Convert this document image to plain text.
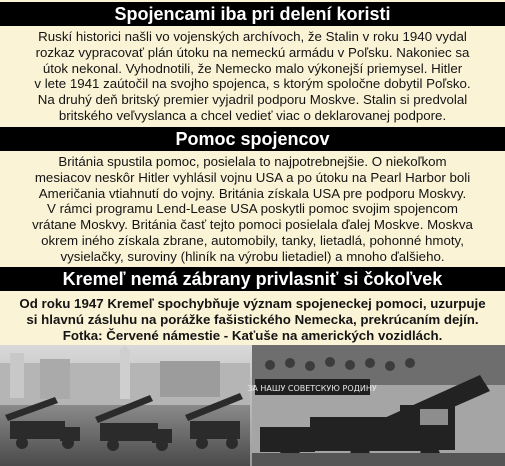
Spojencami iba pri delení koristi
Ruskí historici našli vo vojenských archívoch, že Stalin v roku 1940 vydal
rozkaz vypracovať plán útoku na nemeckú armádu v Poľsku. Nakoniec sa
útok nekonal. Vyhodnotili, že Nemecko malo výkonejší priemysel. Hitler
v lete 1941 zaútočil na svojho spojenca, s ktorým spoločne dobytil Poľsko.
Na druhý deň britský premier vyjadril podporu Moskve. Stalin si predvolal
britského veľvyslanca a chcel vedieť viac o deklarovanej podpore.
Pomoc spojencov
Británia spustila pomoc, posielala to najpotrebnejšie. O niekoľkom
mesiacov neskôr Hitler vyhlásil vojnu USA a po útoku na Pearl Harbor boli
Američania vtiahnutí do vojny. Británia získala USA pre podporu Moskvy.
V rámci programu Lend-Lease USA poskytli pomoc svojim spojencom
vrátane Moskvy. Británia časť tejto pomoci posielala ďalej Moskve. Moskva
okrem iného získala zbrane, automobily, tanky, lietadlá, pohonné hmoty,
vysielačky, suroviny (hliník na výrobu lietadiel) a mnoho ďalšieho.
Kremeľ nemá zábrany privlasniť si čokoľvek
Od roku 1947 Kremeľ spochybňuje význam spojeneckej pomoci, uzurpuje
si hlavnú zásluhu na porážke fašistického Nemecka, prekrúcaním dejín.
Fotka: Červené námestie - Kaťuše na amerických vozidlách.
ЗА НАШУ СОВЕТСКУЮ РОДИНУ
